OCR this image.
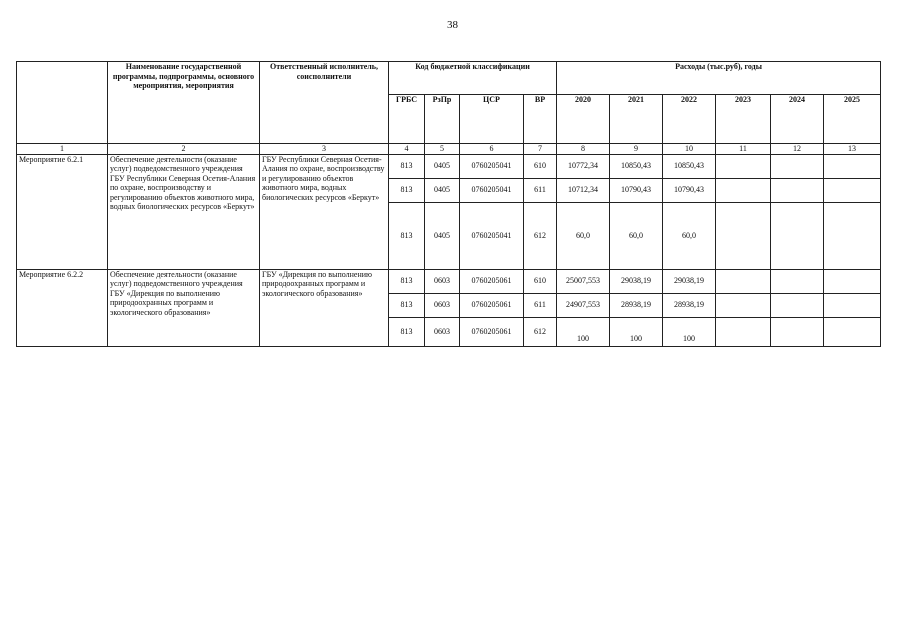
38
	Наименование государственной программы, подпрограммы, основного мероприятия, мероприятия	Ответственный исполнитель, соисполнители	Код бюджетной классификации				Расходы (тыс.руб), годы					
			ГРБС	РзПр	ЦСР	ВР	2020	2021	2022	2023	2024	2025
1	2	3	4	5	6	7	8	9	10	11	12	13
Мероприятие 6.2.1	Обеспечение деятельности (оказание услуг) подведомственного учреждения ГБУ Республики Северная Осетия-Алания по охране, воспроизводству и регулированию объектов животного мира, водных биологических ресурсов «Беркут»	ГБУ Республики Северная Осетия-Алания по охране, воспроизводству и регулированию объектов животного мира, водных биологических ресурсов «Беркут»	813	0405	0760205041	610	10772,34	10850,43	10850,43			
			813	0405	0760205041	611	10712,34	10790,43	10790,43			
			813	0405	0760205041	612	60,0	60,0	60,0			
Мероприятие 6.2.2	Обеспечение деятельности (оказание услуг) подведомственного учреждения ГБУ «Дирекция по выполнению природоохранных программ и экологического образования»	ГБУ «Дирекция по выполнению природоохранных программ и экологического образования»	813	0603	0760205061	610	25007,553	29038,19	29038,19			
			813	0603	0760205061	611	24907,553	28938,19	28938,19			
			813	0603	0760205061	612	100	100	100			
